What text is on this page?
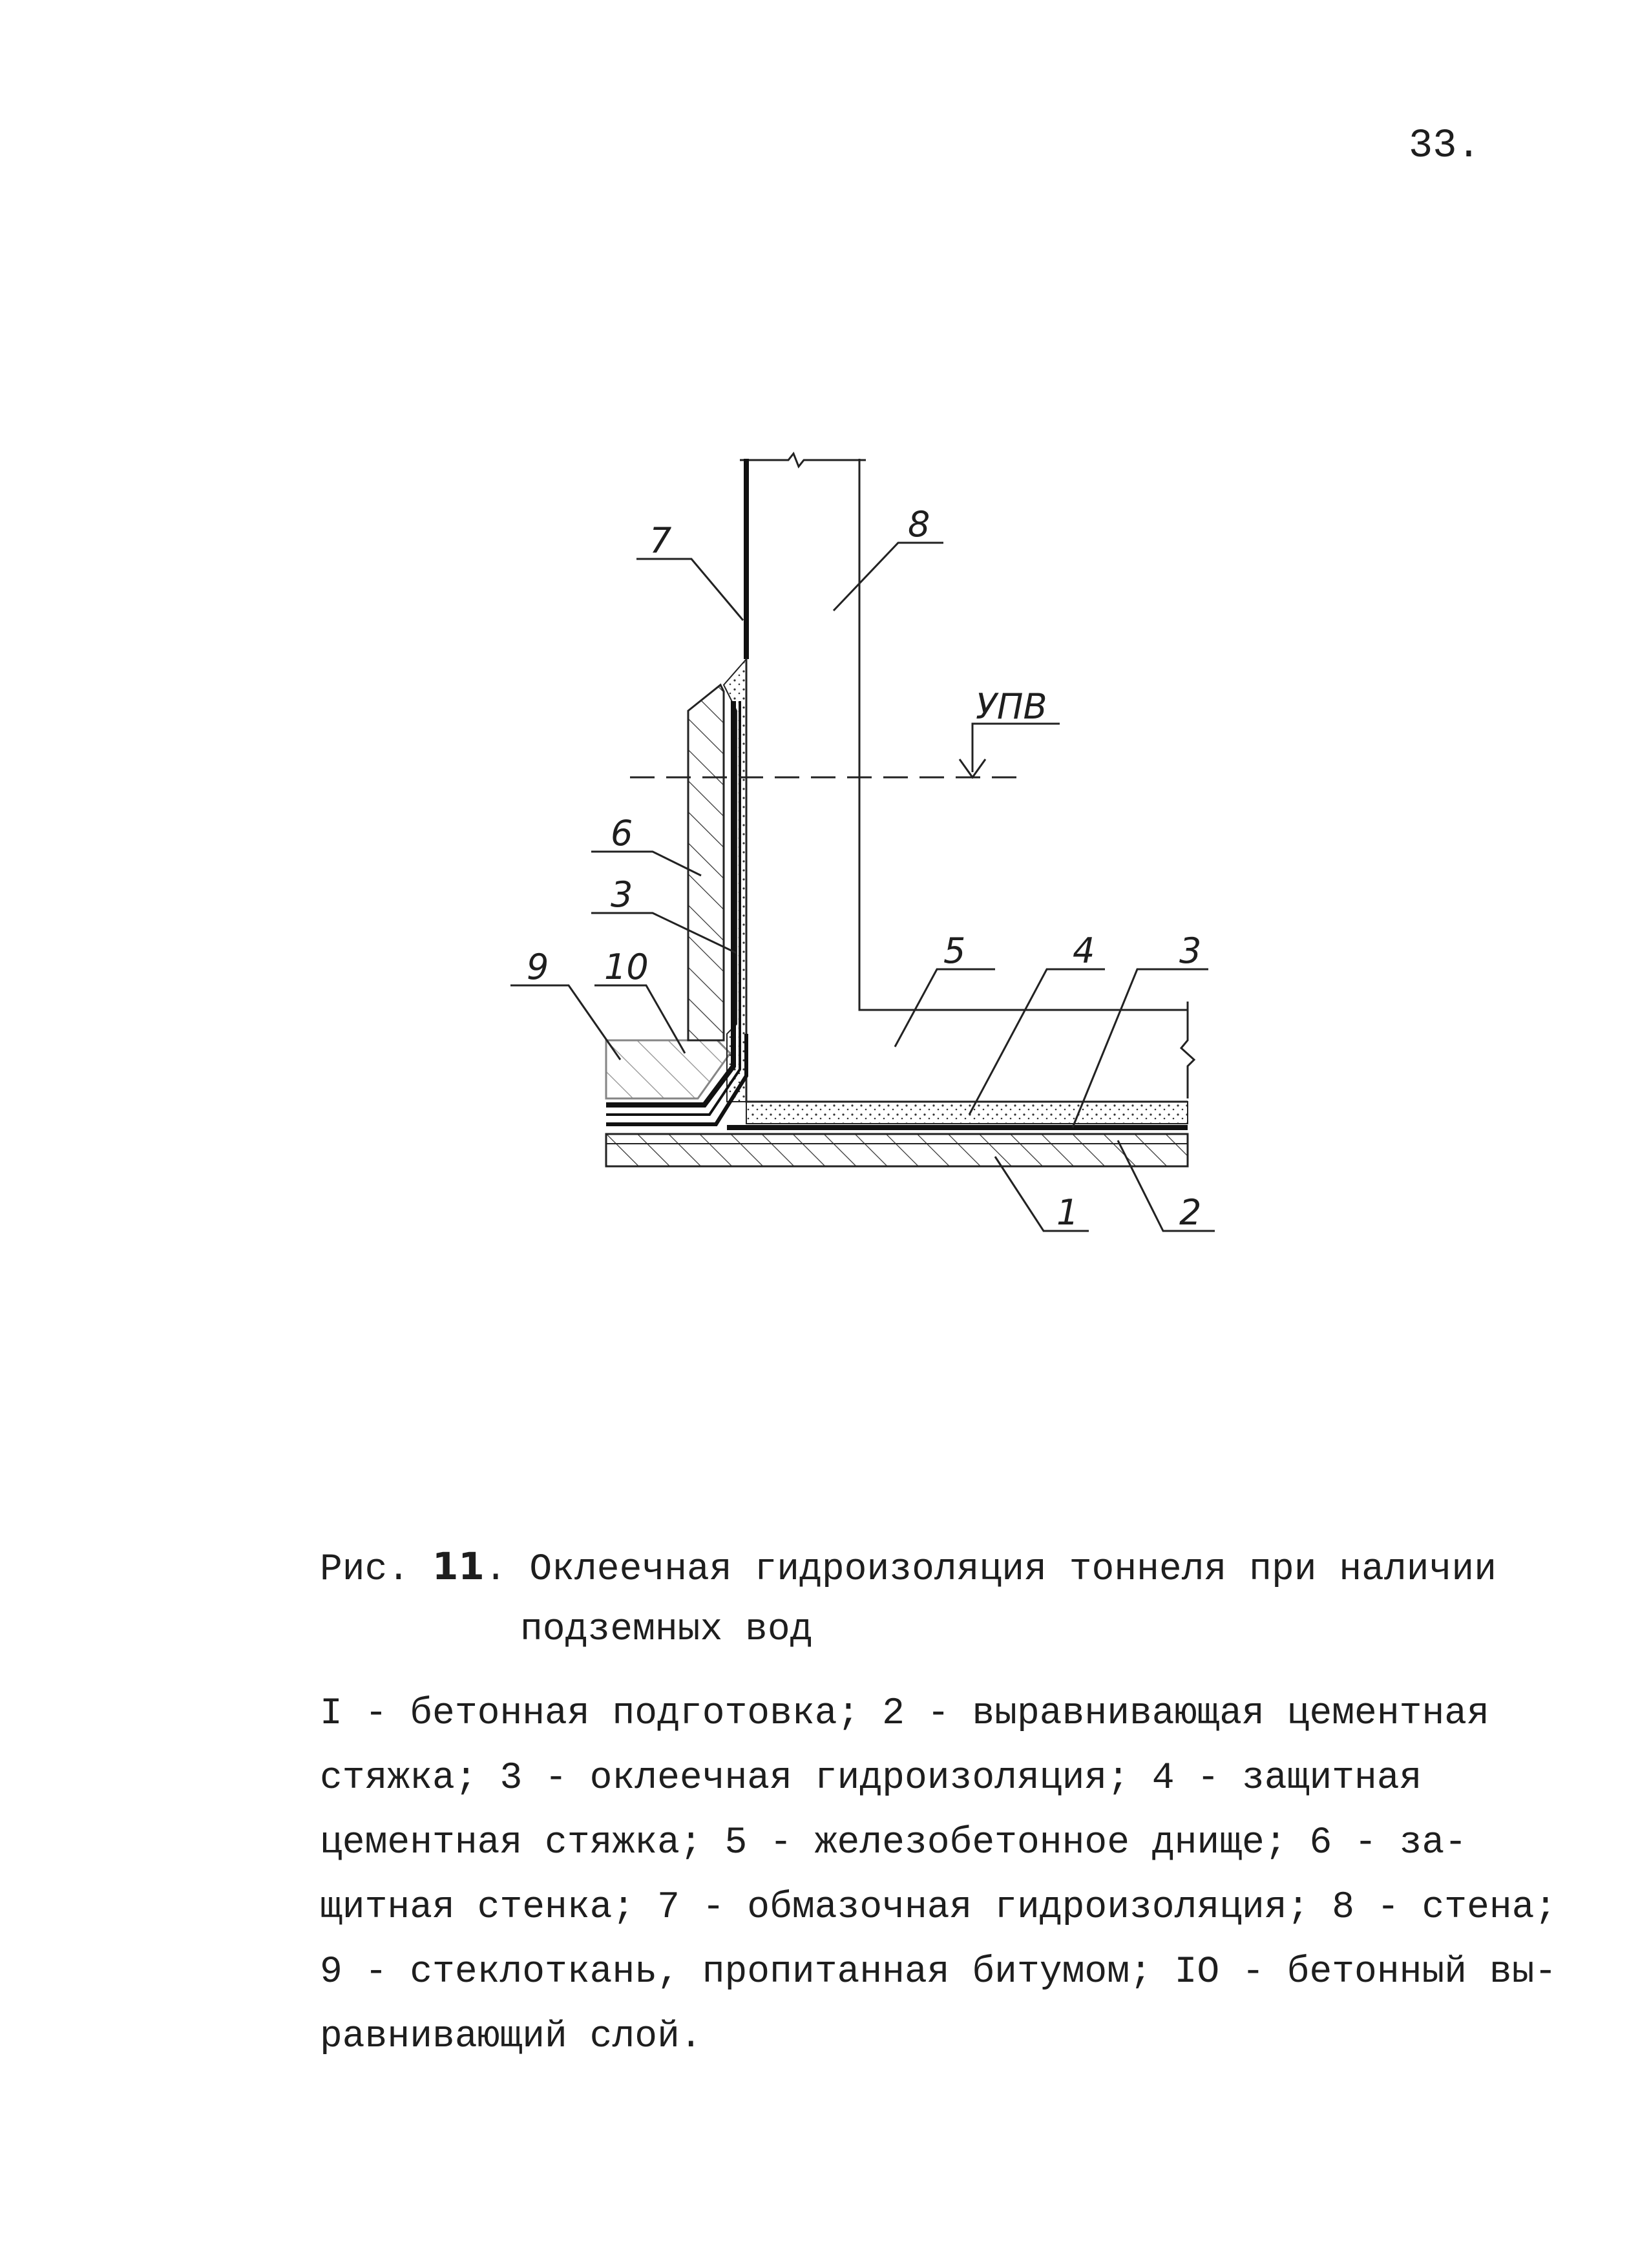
33.
УПВ
7	8
6
3
9 10	5	4 3
1	2
Рис. 11. Оклеечная гидроизоляция тоннеля при наличии
подземных вод
I - бетонная подготовка; 2 - выравнивающая цементная
стяжка; 3 - оклеечная гидроизоляция; 4 - защитная
цементная стяжка; 5 - железобетонное днище; 6 - за-
щитная стенка; 7 - обмазочная гидроизоляция; 8 - стена;
9 - стеклоткань, пропитанная битумом; IO - бетонный вы-
равнивающий слой.
